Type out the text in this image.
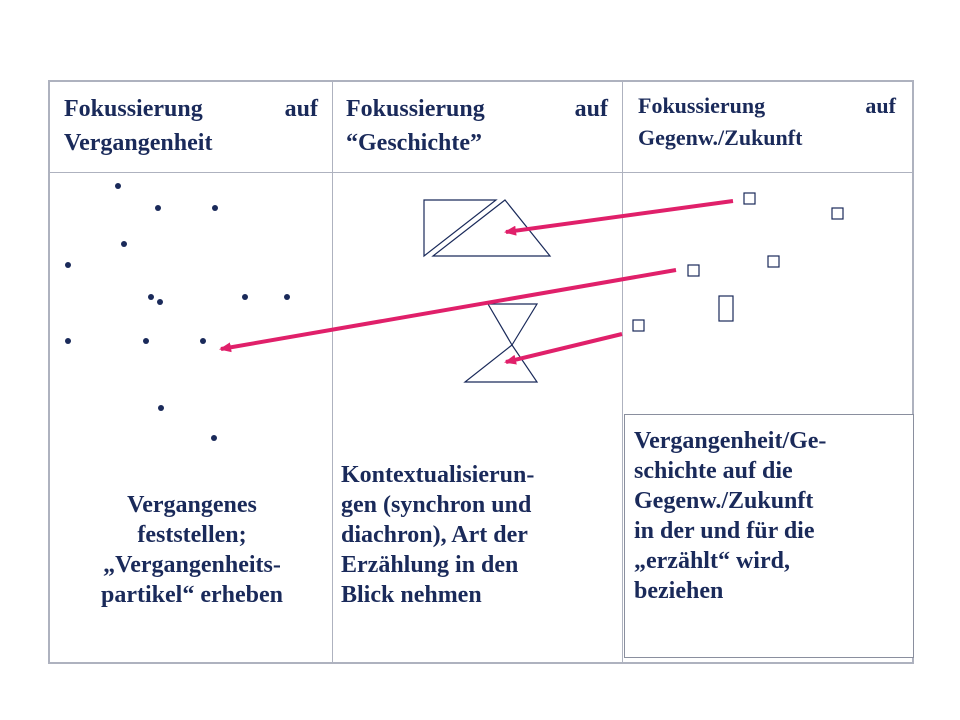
Fokussierung auf
Vergangenheit
Fokussierung auf
“Geschichte”
Fokussierung auf
Gegenw./Zukunft
Vergangenes
feststellen;
„Vergangenheits-
partikel“ erheben
Kontextualisierun-
gen (synchron und
diachron), Art der
Erzählung in den
Blick nehmen
Vergangenheit/Ge-
schichte auf die
Gegenw./Zukunft
in der und für die
„erzählt“ wird,
beziehen
